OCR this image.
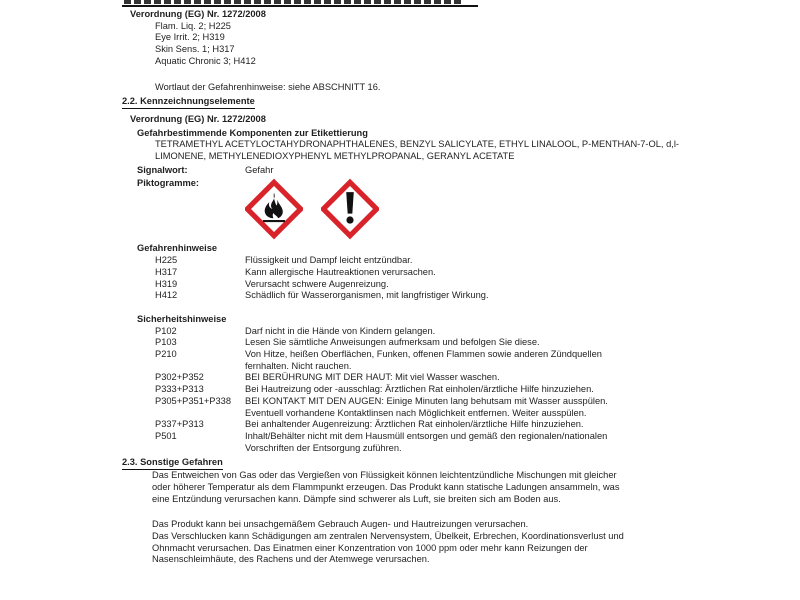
Verordnung (EG) Nr. 1272/2008
Flam. Liq. 2; H225
Eye Irrit. 2; H319
Skin Sens. 1; H317
Aquatic Chronic 3; H412
Wortlaut der Gefahrenhinweise: siehe ABSCHNITT 16.
2.2. Kennzeichnungselemente
Verordnung (EG) Nr. 1272/2008
Gefahrbestimmende Komponenten zur Etikettierung
TETRAMETHYL ACETYLOCTAHYDRONAPHTHALENES, BENZYL SALICYLATE, ETHYL LINALOOL, P-MENTHAN-7-OL, d,l-LIMONENE, METHYLENEDIOXYPHENYL METHYLPROPANAL, GERANYL ACETATE
Signalwort:	Gefahr
Piktogramme:
Gefahrenhinweise
H225	Flüssigkeit und Dampf leicht entzündbar.
H317	Kann allergische Hautreaktionen verursachen.
H319	Verursacht schwere Augenreizung.
H412	Schädlich für Wasserorganismen, mit langfristiger Wirkung.
Sicherheitshinweise
P102	Darf nicht in die Hände von Kindern gelangen.
P103	Lesen Sie sämtliche Anweisungen aufmerksam und befolgen Sie diese.
P210	Von Hitze, heißen Oberflächen, Funken, offenen Flammen sowie anderen Zündquellen fernhalten. Nicht rauchen.
P302+P352	BEI BERÜHRUNG MIT DER HAUT: Mit viel Wasser waschen.
P333+P313	Bei Hautreizung oder -ausschlag: Ärztlichen Rat einholen/ärztliche Hilfe hinzuziehen.
P305+P351+P338	BEI KONTAKT MIT DEN AUGEN: Einige Minuten lang behutsam mit Wasser ausspülen. Eventuell vorhandene Kontaktlinsen nach Möglichkeit entfernen. Weiter ausspülen.
P337+P313	Bei anhaltender Augenreizung: Ärztlichen Rat einholen/ärztliche Hilfe hinzuziehen.
P501	Inhalt/Behälter nicht mit dem Hausmüll entsorgen und gemäß den regionalen/nationalen Vorschriften der Entsorgung zuführen.
2.3. Sonstige Gefahren
Das Entweichen von Gas oder das Vergießen von Flüssigkeit können leichtentzündliche Mischungen mit gleicher oder höherer Temperatur als dem Flammpunkt erzeugen. Das Produkt kann statische Ladungen ansammeln, was eine Entzündung verursachen kann. Dämpfe sind schwerer als Luft, sie breiten sich am Boden aus.
Das Produkt kann bei unsachgemäßem Gebrauch Augen- und Hautreizungen verursachen.
Das Verschlucken kann Schädigungen am zentralen Nervensystem, Übelkeit, Erbrechen, Koordinationsverlust und Ohnmacht verursachen. Das Einatmen einer Konzentration von 1000 ppm oder mehr kann Reizungen der Nasenschleimhäute, des Rachens und der Atemwege verursachen.
